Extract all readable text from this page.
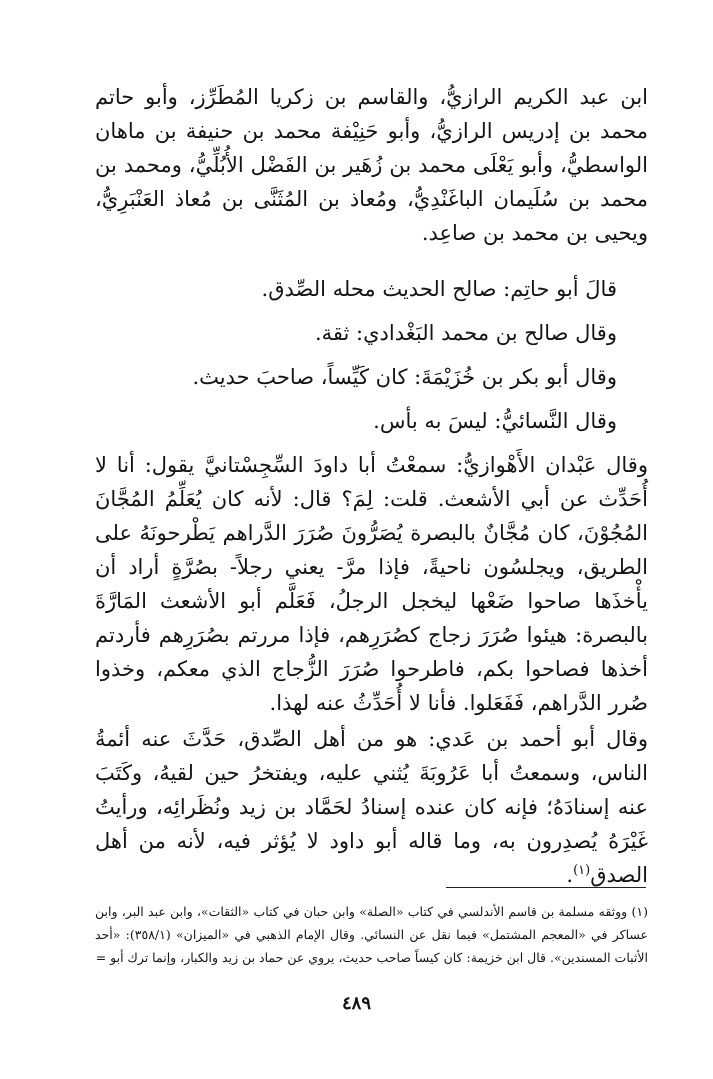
ابن عبد الكريم الرازيُّ، والقاسم بن زكريا المُطَرِّز، وأبو حاتم محمد بن إدريس الرازيُّ، وأبو حَنِيْفة محمد بن حنيفة بن ماهان الواسطيُّ، وأبو يَعْلَى محمد بن زُهَير بن الفَضْل الأُبُلِّيُّ، ومحمد بن محمد بن سُلَيمان الباغَنْدِيُّ، ومُعاذ بن المُثَنَّى بن مُعاذ العَنْبَرِيُّ، ويحيى بن محمد بن صاعِد.

قالَ أبو حاتِم: صالح الحديث محله الصِّدق.

وقال صالح بن محمد البَغْدادي: ثقة.

وقال أبو بكر بن خُزَيْمَةَ: كان كَيِّساً، صاحبَ حديث.

وقال النَّسائيُّ: ليسَ به بأس.

وقال عَبْدان الأَهْوازيُّ: سمعْتُ أبا داودَ السِّجِسْتانيَّ يقول: أنا لا أُحَدِّث عن أبي الأشعث. قلت: لِمَ؟ قال: لأنه كان يُعَلِّمُ المُجَّانَ المُجُوْنَ، كان مُجَّانٌ بالبصرة يُصَرُّونَ صُرَرَ الدَّراهم يَطْرحونَهُ على الطريق، ويجلسُون ناحيةً، فإذا مرَّ- يعني رجلاً- بصُرَّةٍ أراد أن يأْخذَها صاحوا ضَعْها ليخجل الرجلُ، فَعَلَّم أبو الأشعث المَارَّةَ بالبصرة: هيئوا صُرَرَ زجاج كصُرَرِهم، فإذا مررتم بصُرَرِهم فأردتم أخذها فصاحوا بكم، فاطرحوا صُرَرَ الزُّجاج الذي معكم، وخذوا صُرر الدَّراهم، فَفَعَلوا. فأنا لا أُحَدِّثُ عنه لهذا.

وقال أبو أحمد بن عَدي: هو من أهل الصِّدق، حَدَّثَ عنه أئمةُ الناس، وسمعتُ أبا عَرُوبَةَ يُثني عليه، ويفتخرُ حين لقيهُ، وكَتَبَ عنه إسنادَهُ؛ فإنه كان عنده إسنادُ لحَمَّاد بن زيد ونُظَرائِه، ورأيتُ غَيْرَهُ يُصدِرون به، وما قاله أبو داود لا يُؤثر فيه، لأنه من أهل الصدق$^{(١)}$.

(١) ووثقه مسلمة بن قاسم الأندلسي في كتاب «الصلة» وابن حبان في كتاب «الثقات»، وابن عبد البر، وابن عساكر في «المعجم المشتمل» فيما نقل عن النسائي. وقال الإمام الذهبي في «الميزان» (٣٥٨/١): «أحد الأثبات المسندين». قال ابن خزيمة: كان كيساً صاحب حديث، يروي عن حماد بن زيد والكبار، وإنما ترك أبو =

٤٨٩
